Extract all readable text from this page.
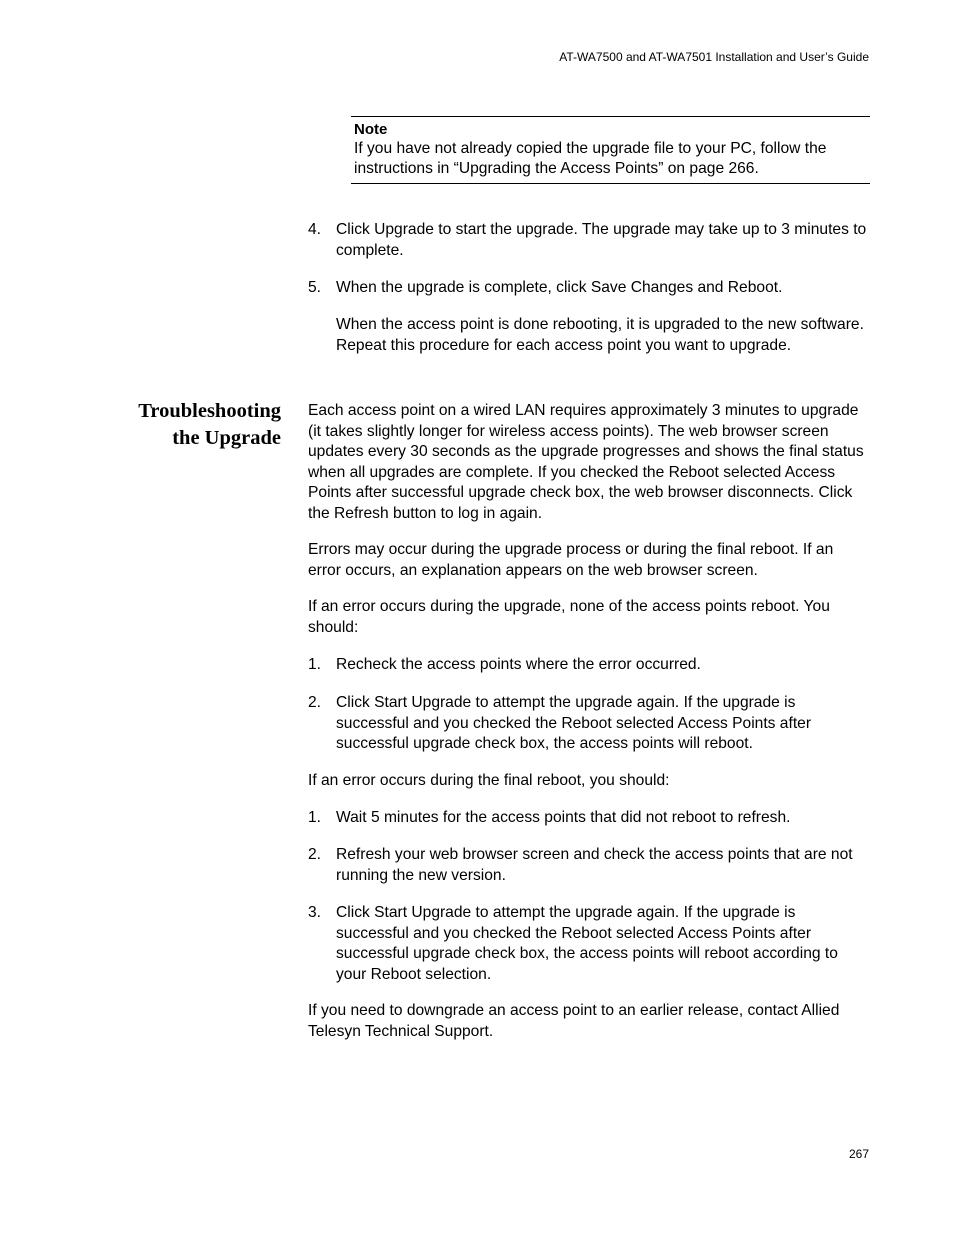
AT-WA7500 and AT-WA7501 Installation and User’s Guide
Note
If you have not already copied the upgrade file to your PC, follow the instructions in “Upgrading the Access Points” on page 266.
4. Click Upgrade to start the upgrade. The upgrade may take up to 3 minutes to complete.
5. When the upgrade is complete, click Save Changes and Reboot.
When the access point is done rebooting, it is upgraded to the new software. Repeat this procedure for each access point you want to upgrade.
Troubleshooting
the Upgrade
Each access point on a wired LAN requires approximately 3 minutes to upgrade (it takes slightly longer for wireless access points). The web browser screen updates every 30 seconds as the upgrade progresses and shows the final status when all upgrades are complete. If you checked the Reboot selected Access Points after successful upgrade check box, the web browser disconnects. Click the Refresh button to log in again.
Errors may occur during the upgrade process or during the final reboot. If an error occurs, an explanation appears on the web browser screen.
If an error occurs during the upgrade, none of the access points reboot. You should:
1. Recheck the access points where the error occurred.
2. Click Start Upgrade to attempt the upgrade again. If the upgrade is successful and you checked the Reboot selected Access Points after successful upgrade check box, the access points will reboot.
If an error occurs during the final reboot, you should:
1. Wait 5 minutes for the access points that did not reboot to refresh.
2. Refresh your web browser screen and check the access points that are not running the new version.
3. Click Start Upgrade to attempt the upgrade again. If the upgrade is successful and you checked the Reboot selected Access Points after successful upgrade check box, the access points will reboot according to your Reboot selection.
If you need to downgrade an access point to an earlier release, contact Allied Telesyn Technical Support.
267
